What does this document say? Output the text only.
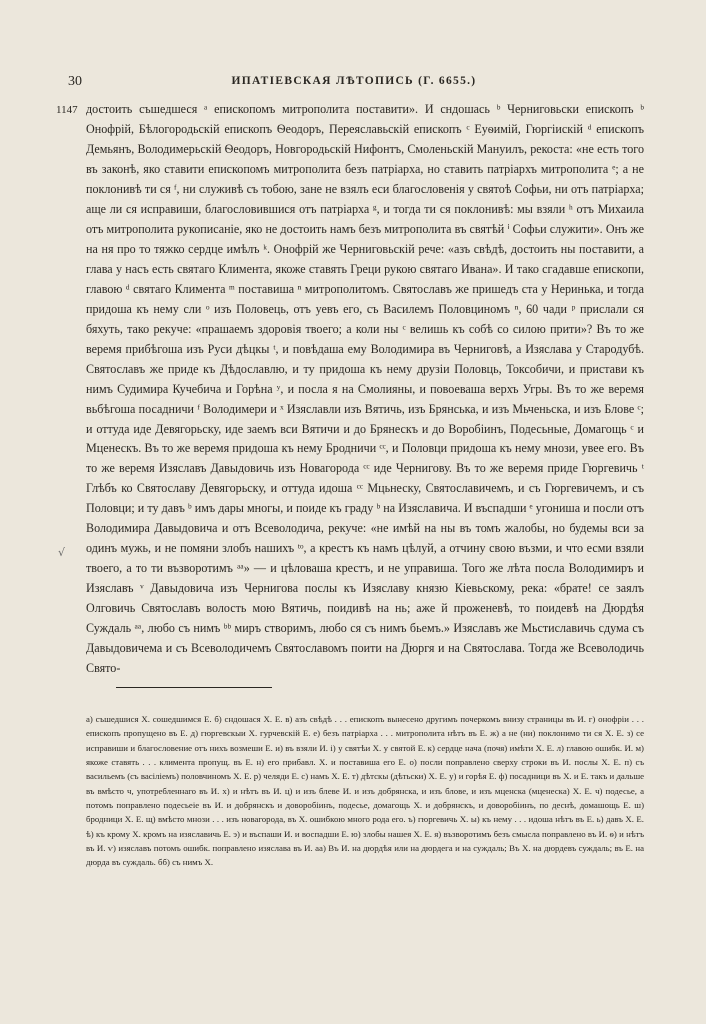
30	ИПАТІЕВСКАЯ ЛѢТОПИСЬ (Г. 6655.)
1147 достоить съшедшеся ᵃ епископомъ митрополита поставити». И сндошась ᵇ Черниговьски епископъ ᵇ Онофрій, Бѣлогородьскій епископъ Ѳеодоръ, Переяславьскій епископъ ᶜ Еуѳимій, Гюргіискій ᵈ епископъ Демьянъ, Володимерьскій Ѳеодоръ, Новгородьскій Нифонтъ, Смоленьскій Мануилъ, рекоста: «не есть того въ законѣ, яко ставити епископомъ митрополита безъ патріарха, но ставить патріархъ митрополита ᵉ; а не поклонивѣ ти ся ᶠ, ни служивѣ съ тобою, зане не взялъ еси благословенія у святоѣ Софьи, ни отъ патріарха; аще ли ся исправиши, благословившися отъ патріарха ᵍ, и тогда ти ся поклонивѣ: мы взяли ʰ отъ Михаила отъ митрополита рукописаніе, яко не достоить намъ безъ митрополита въ святѣй ⁱ Софьи служити». Онъ же на ня про то тяжко сердце имѣлъ ᵏ. Онофрій же Черниговьскій рече: «азъ свѣдѣ, достоить ны поставити, а глава у насъ есть святаго Климента, якоже ставять Греци рукою святаго Ивана». И тако сгадавше епископи, главою ᵈ святаго Климента ᵐ поставиша ⁿ митрополитомъ. Святославъ же пришедъ ста у Неринька, и тогда придоша къ нему сли ᵒ изъ Половець, отъ уевъ его, съ Василемъ Половциномъ ⁿ, 60 чади ᵖ прислали ся бяхуть, тако рекуче: «прашаемъ здоровія твоего; а коли ны ᶜ велишь къ собѣ со силою прити»? Въ то же веремя прибѣгоша изъ Руси дѣцкы ᵗ, и повѣдаша ему Володимира въ Черниговѣ, а Изяслава у Стародубѣ. Святославъ же приде къ Дѣдославлю, и ту придоша къ нему друзіи Половць, Токсобичи, и пристави къ нимъ Судимира Кучебича и Горѣна ʸ, и посла я на Смолияны, и повоеваша верхъ Угры. Въ то же веремя вьбѣгоша посадничи ᶠ Володимери и ˣ Изяславли изъ Вятичь, изъ Брянська, и изъ Мьченьска, и изъ Блове ᶜ; и оттуда иде Девягорьску, иде заемъ вси Вятичи и до Брянескъ и до Воробіинъ, Подесьные, Домагощь ᶜ и Мценескъ. Въ то же веремя придоша къ нему Бродничи ᶜᶜ, и Половци придоша къ нему мнози, увее его. Въ то же веремя Изяславъ Давыдовичь изъ Новагорода ᶜᶜ иде Чернигову. Въ то же веремя приде Гюргевичь ᵗ Глѣбъ ко Святославу Девягорьску, и оттуда идоша ᶜᶜ Мцьнеску, Святославичемъ, и съ Гюргевичемъ, и съ Половци; и ту давъ ᵇ имъ дары многы, и поиде къ граду ᵇ на Изяславича. И въспадши ᵉ угониша и посли отъ Володимира Давыдовича и отъ Всеволодича, рекуче: «не имѣй на ны въ томъ жалобы, но будемы вси за одинъ мужь, и не помяни злобъ нашихъ ᵗᵒ, а крестъ къ намъ цѣлуй, а отчину свою възми, и что есми взяли твоего, а то ти възворотимъ ᵃᵃ» — и цѣловаша крестъ, и не управиша. Того же лѣта посла Володимиръ и Изяславъ ᵛ Давыдовича изъ Чернигова послы къ Изяславу князю Кіевьскому, река: «брате! се заялъ Олговичь Святославъ волость мою Вятичь, поидивѣ на нь; аже й проженевѣ, то поидевѣ на Дюрдѣя Суждаль ᵃᵃ, любо съ нимъ ᵇᵇ миръ створимъ, любо ся съ нимъ бьемъ.» Изяславъ же Мьстиславичь сдума съ Давыдовичема и съ Всеволодичемъ Святославомъ поити на Дюргя и на Святослава. Тогда же Всеволодичь Свято-

√

а) съшедшися Х. сошедшимся Е. б) сндошася Х. Е. в) азъ свѣдѣ . . . епископъ вынесено другимъ почеркомъ внизу страницы въ И. г) онофріи . . . епископъ пропущено въ Е. д) гюргевскыи Х. гурчевскій Е. е) безъ патріарха . . . митрополита нѣтъ въ Е. ж) а не (ни) поклонимо ти ся Х. Е. з) се исправиши и благословение отъ нихъ возмеши Е. и) въ взяли И. і) у святѣи Х. у святой Е. к) сердце нача (почя) имѣти Х. Е. л) главою ошибк. И. м) якоже ставять . . . климента пропущ. въ Е. н) его прибавл. Х. и поставиша его Е. о) посли поправлено сверху строки въ И. послы Х. Е. п) съ васильемъ (съ васілiемъ) половчиномъ Х. Е. р) челяди Е. с) намъ Х. Е. т) дѣтскы (дѣтьски) Х. Е. у) и горѣя Е. ф) посадници въ Х. и Е. такъ и дальше въ вмѣсто ч, употребленнаго въ И. х) и нѣтъ въ И. ц) и изъ блеве И. и изъ добрянска, и изъ блове, и изъ мценска (мценеска) Х. Е. ч) подесье, а потомъ поправлено подесьеіе въ И. и добрянскъ и доворобіинъ, подесье, домагощь Х. и добрянскъ, и доворобіинъ, по деснѣ, домашощь Е. ш) бродници Х. Е. щ) вмѣсто мнози . . . изъ новагорода, въ Х. ошибкою много рода его. ъ) гюргевичь Х. ы) къ нему . . . идоша нѣтъ въ Е. ь) давъ Х. Е. ѣ) къ крому Х. кромъ на изяславичь Е. э) и въспаши И. и воспадши Е. ю) злобы нашея Х. Е. я) възворотимъ безъ смысла поправлено въ И. ѳ) и нѣтъ въ И. ѵ) изяславъ потомъ ошибк. поправлено изяслава въ И. аа) Въ И. на дюрдѣя или на дюрдега и на суждаль; Въ Х. на дюрдевъ суждаль; въ Е. на дюрда въ суждаль. бб) съ нимъ Х.
